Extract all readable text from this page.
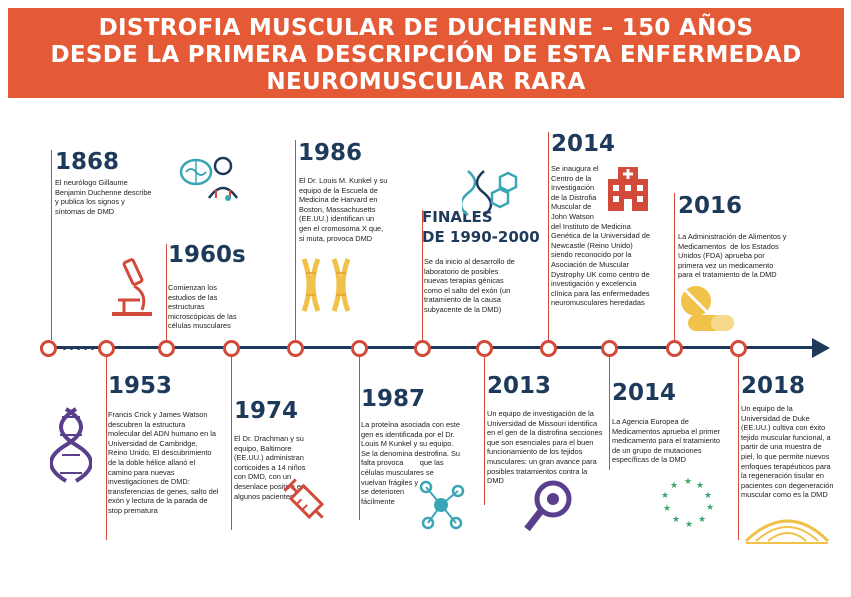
DISTROFIA MUSCULAR DE DUCHENNE – 150 AÑOS
DESDE LA PRIMERA DESCRIPCIÓN DE ESTA ENFERMEDAD
NEUROMUSCULAR RARA
1868
1960s
1986
FINALES
DE 1990-2000
2014
2016
1953
1974	1987	2013	2014	2018
El neurólogo Gillaume
Benjamin Duchenne describe
y publica los signos y
síntomas de DMD
Comienzan los
estudios de las
estructuras
microscópicas de las
células musculares
El Dr. Louis M. Kunkel y su
equipo de la Escuela de
Medicina de Harvard en
Boston, Massachusetts
(EE.UU.) identifican un
gen el cromosoma X que,
si muta, provoca DMD
Se da inicio al desarrollo de
laboratorio de posibles
nuevas terapias génicas
como el salto del exón (un
tratamiento de la causa
subyacente de la DMD)
Se inaugura el
Centro de la
Investigación
de la Distrofia
Muscular de
John Watson
del Instituto de Medicina
Genética de la Universidad de
Newcastle (Reino Unido)
siendo reconocido por la
Asociación de Muscular
Dystrophy UK como centro de
investigación y excelencia
clínica para las enfermedades
neuromusculares heredadas
La Administración de Alimentos y
Medicamentos  de los Estados
Unidos (FDA) aprueba por
primera vez un medicamento
para el tratamiento de la DMD
Francis Crick y James Watson
descubren la estructura
molecular del ADN humano en la
Universidad de Cambridge,
Reino Unido. El descubrimiento
de la doble hélice allanó el
camino para nuevas
investigaciones de DMD:
transferencias de genes, salto del
exón y lectura de la parada de
stop prematura
El Dr. Drachman y su
equipo, Baltimore
(EE.UU.) administran
corticoides a 14 niños
con DMD, con un
desenlace positivo en
algunos pacientes
La proteína asociada con este
gen es identificada por el Dr.
Louis M Kunkel y su equipo.
Se la denomina destrofina. Su
falta provoca        que las
células musculares se
vuelvan frágiles y
se deterioren
fácilmente
Un equipo de investigación de la
Universidad de Missouri identifica
en el gen de la distrofina secciones
que son esenciales para el buen
funcionamiento de los tejidos
musculares: un gran avance para
posibles tratamientos contra la
DMD
La Agencia Europea de
Medicamentos aprueba el primer
medicamento para el tratamiento
de un grupo de mutaciones
específicas de la DMD
Un equipo de la
Universidad de Duke
(EE.UU.) cultiva con éxito
tejido muscular funcional, a
partir de una muestra de
piel, lo que permite nuevos
enfoques terapéuticos para
la regeneración tisular en
pacientes con degeneración
muscular como es la DMD
★ ★
★
★
★
★
★
★
★
★
